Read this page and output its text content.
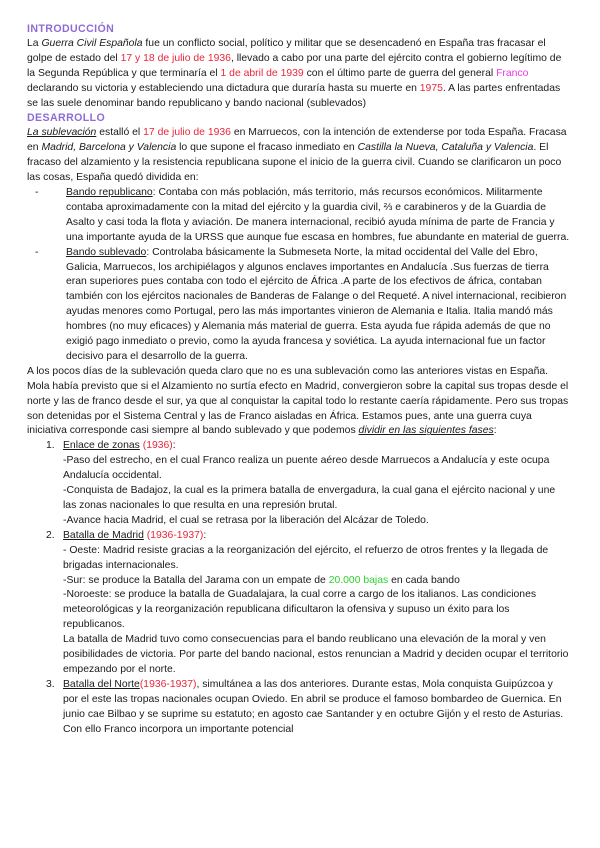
INTRODUCCIÓN

La Guerra Civil Española fue un conflicto social, político y militar que se desencadenó en España tras fracasar el golpe de estado del 17 y 18 de julio de 1936, llevado a cabo por una parte del ejército contra el gobierno legítimo de la Segunda República y que terminaría el 1 de abril de 1939 con el último parte de guerra del general Franco declarando su victoria y estableciendo una dictadura que duraría hasta su muerte en 1975. A las partes enfrentadas se las suele denominar bando republicano y bando nacional (sublevados)

DESARROLLO

La sublevación estalló el 17 de julio de 1936 en Marruecos, con la intención de extenderse por toda España. Fracasa en Madrid, Barcelona y Valencia lo que supone el fracaso inmediato en Castilla la Nueva, Cataluña y Valencia. El fracaso del alzamiento y la resistencia republicana supone el inicio de la guerra civil. Cuando se clarificaron un poco las cosas, España quedó dividida en:

- Bando republicano: Contaba con más población, más territorio, más recursos económicos. Militarmente contaba aproximadamente con la mitad del ejército y la guardia civil, ⅔ e carabineros y de la Guardia de Asalto y casi toda la flota y aviación. De manera internacional, recibió ayuda mínima de parte de Francia y una importante ayuda de la URSS que aunque fue escasa en hombres, fue abundante en material de guerra.
- Bando sublevado: Controlaba básicamente la Submeseta Norte, la mitad occidental del Valle del Ebro, Galicia, Marruecos, los archipiélagos y algunos enclaves importantes en Andalucía .Sus fuerzas de tierra eran superiores pues contaba con todo el ejército de África .A parte de los efectivos de áfrica, contaban también con los ejércitos nacionales de Banderas de Falange o del Requeté. A nivel internacional, recibieron ayudas menores como Portugal, pero las más importantes vinieron de Alemania e Italia. Italia mandó más hombres (no muy eficaces) y Alemania más material de guerra. Esta ayuda fue rápida además de que no exigió pago inmediato o previo, como la ayuda francesa y soviética. La ayuda internacional fue un factor decisivo para el desarrollo de la guerra.

A los pocos días de la sublevación queda claro que no es una sublevación como las anteriores vistas en España. Mola había previsto que si el Alzamiento no surtía efecto en Madrid, convergieron sobre la capital sus tropas desde el norte y las de franco desde el sur, ya que al conquistar la capital todo lo restante caería rápidamente. Pero sus tropas son detenidas por el Sistema Central y las de Franco aisladas en África. Estamos pues, ante una guerra cuya iniciativa corresponde casi siempre al bando sublevado y que podemos dividir en las siguientes fases:

1. Enlace de zonas (1936):
-Paso del estrecho, en el cual Franco realiza un puente aéreo desde Marruecos a Andalucía y este ocupa Andalucía occidental.
-Conquista de Badajoz, la cual es la primera batalla de envergadura, la cual gana el ejército nacional y une las zonas nacionales lo que resulta en una represión brutal.
-Avance hacia Madrid, el cual se retrasa por la liberación del Alcázar de Toledo.
2. Batalla de Madrid (1936-1937):
- Oeste: Madrid resiste gracias a la reorganización del ejército, el refuerzo de otros frentes y la llegada de brigadas internacionales.
-Sur: se produce la Batalla del Jarama con un empate de 20.000 bajas en cada bando
-Noroeste: se produce la batalla de Guadalajara, la cual corre a cargo de los italianos. Las condiciones meteorológicas y la reorganización republicana dificultaron la ofensiva y supuso un éxito para los republicanos.
La batalla de Madrid tuvo como consecuencias para el bando reublicano una elevación de la moral y ven posibilidades de victoria. Por parte del bando nacional, estos renuncian a Madrid y deciden ocupar el territorio empezando por el norte.
3. Batalla del Norte(1936-1937), simultánea a las dos anteriores. Durante estas, Mola conquista Guipúzcoa y por el este las tropas nacionales ocupan Oviedo. En abril se produce el famoso bombardeo de Guernica. En junio cae Bilbao y se suprime su estatuto; en agosto cae Santander y en octubre Gijón y el resto de Asturias. Con ello Franco incorpora un importante potencial
